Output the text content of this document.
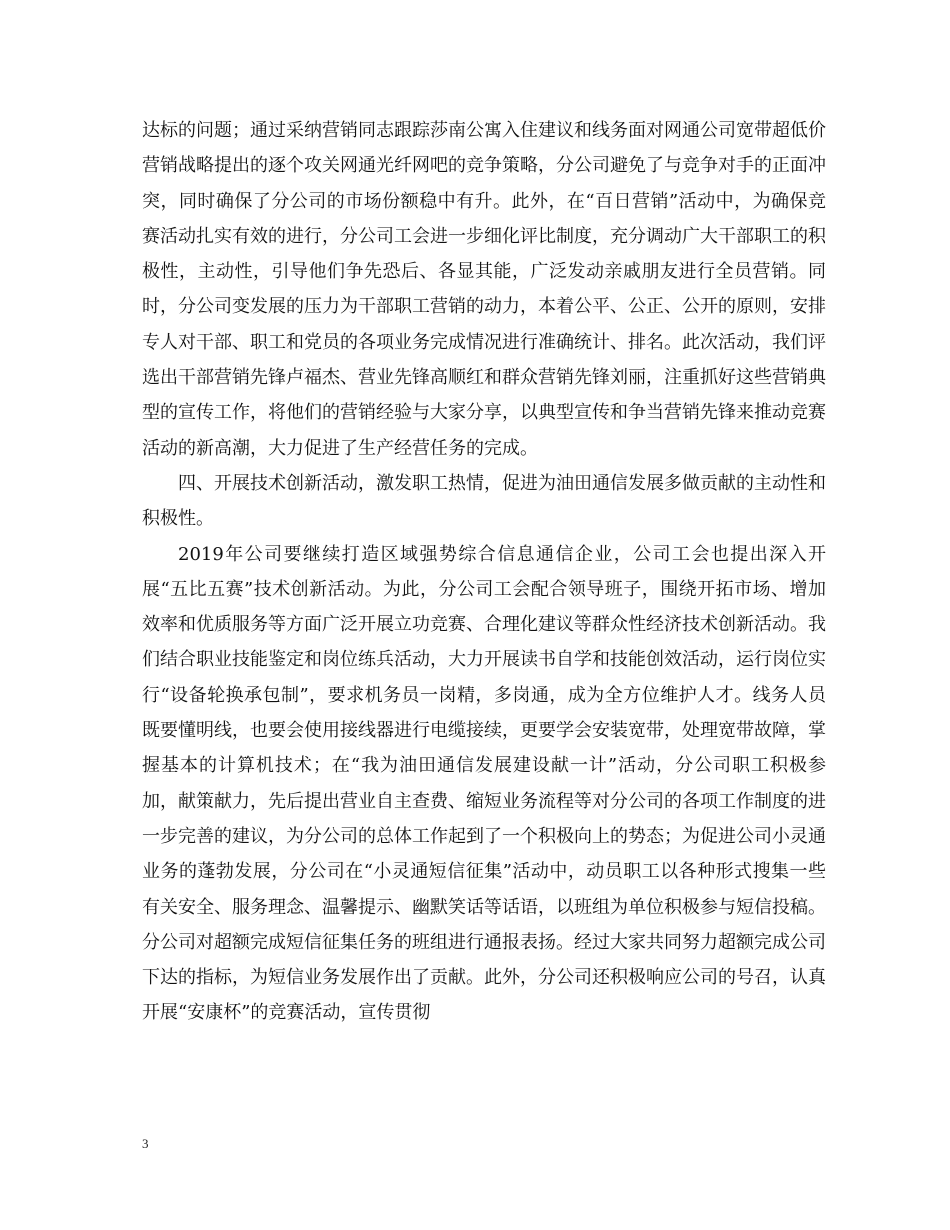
达标的问题；通过采纳营销同志跟踪莎南公寓入住建议和线务面对网通公司宽带超低价营销战略提出的逐个攻关网通光纤网吧的竞争策略，分公司避免了与竞争对手的正面冲突，同时确保了分公司的市场份额稳中有升。此外，在“百日营销”活动中，为确保竞赛活动扎实有效的进行，分公司工会进一步细化评比制度，充分调动广大干部职工的积极性，主动性，引导他们争先恐后、各显其能，广泛发动亲戚朋友进行全员营销。同时，分公司变发展的压力为干部职工营销的动力，本着公平、公正、公开的原则，安排专人对干部、职工和党员的各项业务完成情况进行准确统计、排名。此次活动，我们评选出干部营销先锋卢福杰、营业先锋高顺红和群众营销先锋刘丽，注重抓好这些营销典型的宣传工作，将他们的营销经验与大家分享，以典型宣传和争当营销先锋来推动竞赛活动的新高潮，大力促进了生产经营任务的完成。

四、开展技术创新活动，激发职工热情，促进为油田通信发展多做贡献的主动性和积极性。

2019年公司要继续打造区域强势综合信息通信企业，公司工会也提出深入开展“五比五赛”技术创新活动。为此，分公司工会配合领导班子，围绕开拓市场、增加效率和优质服务等方面广泛开展立功竞赛、合理化建议等群众性经济技术创新活动。我们结合职业技能鉴定和岗位练兵活动，大力开展读书自学和技能创效活动，运行岗位实行“设备轮换承包制”，要求机务员一岗精，多岗通，成为全方位维护人才。线务人员既要懂明线，也要会使用接线器进行电缆接续，更要学会安装宽带，处理宽带故障，掌握基本的计算机技术；在“我为油田通信发展建设献一计”活动，分公司职工积极参加，献策献力，先后提出营业自主查费、缩短业务流程等对分公司的各项工作制度的进一步完善的建议，为分公司的总体工作起到了一个积极向上的势态；为促进公司小灵通业务的蓬勃发展，分公司在“小灵通短信征集”活动中，动员职工以各种形式搜集一些有关安全、服务理念、温馨提示、幽默笑话等话语，以班组为单位积极参与短信投稿。分公司对超额完成短信征集任务的班组进行通报表扬。经过大家共同努力超额完成公司下达的指标，为短信业务发展作出了贡献。此外，分公司还积极响应公司的号召，认真开展“安康杯”的竞赛活动，宣传贯彻

3
